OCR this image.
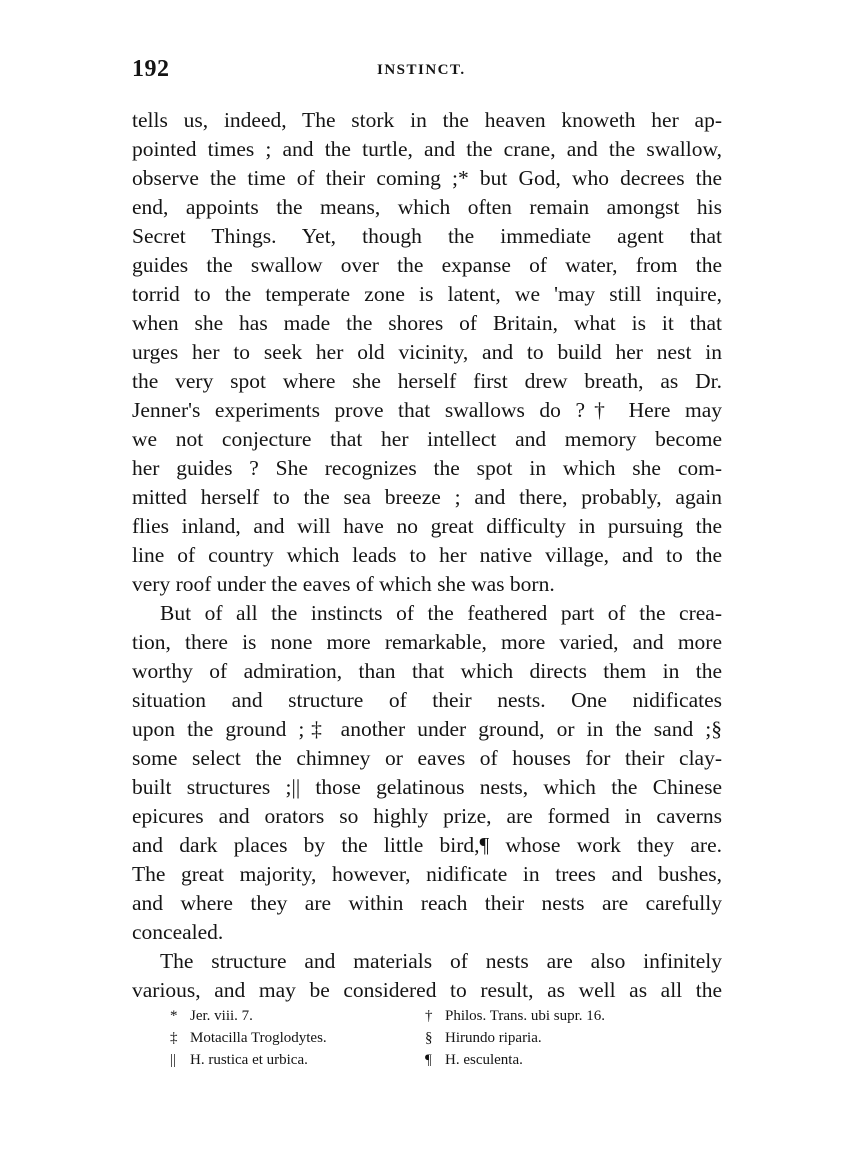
192	INSTINCT.
tells us, indeed, The stork in the heaven knoweth her ap-
pointed times ; and the turtle, and the crane, and the swallow,
observe the time of their coming ;* but God, who decrees the
end, appoints the means, which often remain amongst his
Secret Things. Yet, though the immediate agent that
guides the swallow over the expanse of water, from the
torrid to the temperate zone is latent, we 'may still inquire,
when she has made the shores of Britain, what is it that
urges her to seek her old vicinity, and to build her nest in
the very spot where she herself first drew breath, as Dr.
Jenner's experiments prove that swallows do ?† Here may
we not conjecture that her intellect and memory become
her guides ? She recognizes the spot in which she com-
mitted herself to the sea breeze ; and there, probably, again
flies inland, and will have no great difficulty in pursuing the
line of country which leads to her native village, and to the
very roof under the eaves of which she was born.
But of all the instincts of the feathered part of the crea-
tion, there is none more remarkable, more varied, and more
worthy of admiration, than that which directs them in the
situation and structure of their nests. One nidificates
upon the ground ;‡ another under ground, or in the sand ;§
some select the chimney or eaves of houses for their clay-
built structures ;|| those gelatinous nests, which the Chinese
epicures and orators so highly prize, are formed in caverns
and dark places by the little bird,¶ whose work they are.
The great majority, however, nidificate in trees and bushes,
and where they are within reach their nests are carefully
concealed.
The structure and materials of nests are also infinitely
various, and may be considered to result, as well as all the
* Jer. viii. 7.	† Philos. Trans. ubi supr. 16.
‡ Motacilla Troglodytes.	§ Hirundo riparia.
|| H. rustica et urbica.	¶ H. esculenta.
